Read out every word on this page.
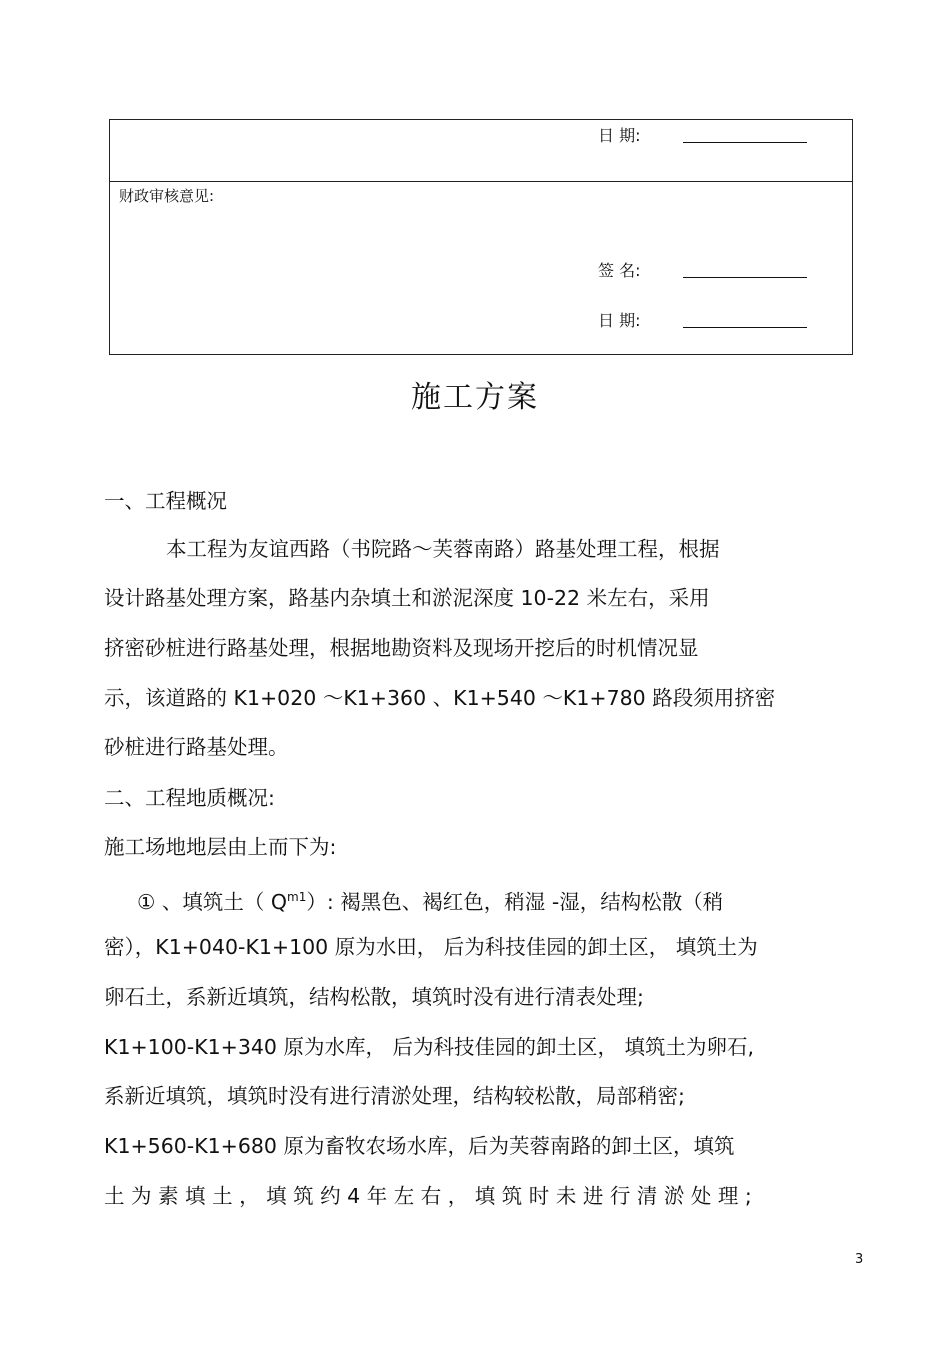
日 期:
财政审核意见:
签 名:
日 期:
施工方案
一、工程概况
本工程为友谊西路（书院路～芙蓉南路）路基处理工程，根据
设计路基处理方案，路基内杂填土和淤泥深度 10-22 米左右，采用
挤密砂桩进行路基处理，根据地勘资料及现场开挖后的时机情况显
示，该道路的 K1+020 ～K1+360 、K1+540 ～K1+780 路段须用挤密
砂桩进行路基处理。
二、工程地质概况:
施工场地地层由上而下为:
① 、填筑土（ $Q^{m1}$）: 褐黑色、褐红色，稍湿 -湿，结构松散（稍
密），K1+040-K1+100 原为水田， 后为科技佳园的卸土区， 填筑土为
卵石土，系新近填筑，结构松散，填筑时没有进行清表处理;
K1+100-K1+340 原为水库， 后为科技佳园的卸土区， 填筑土为卵石,
系新近填筑，填筑时没有进行清淤处理，结构较松散，局部稍密;
K1+560-K1+680 原为畜牧农场水库，后为芙蓉南路的卸土区，填筑
土 为 素 填 土 ， 填 筑 约 4 年 左 右 ， 填 筑 时 未 进 行 清 淤 处 理 ;
3
